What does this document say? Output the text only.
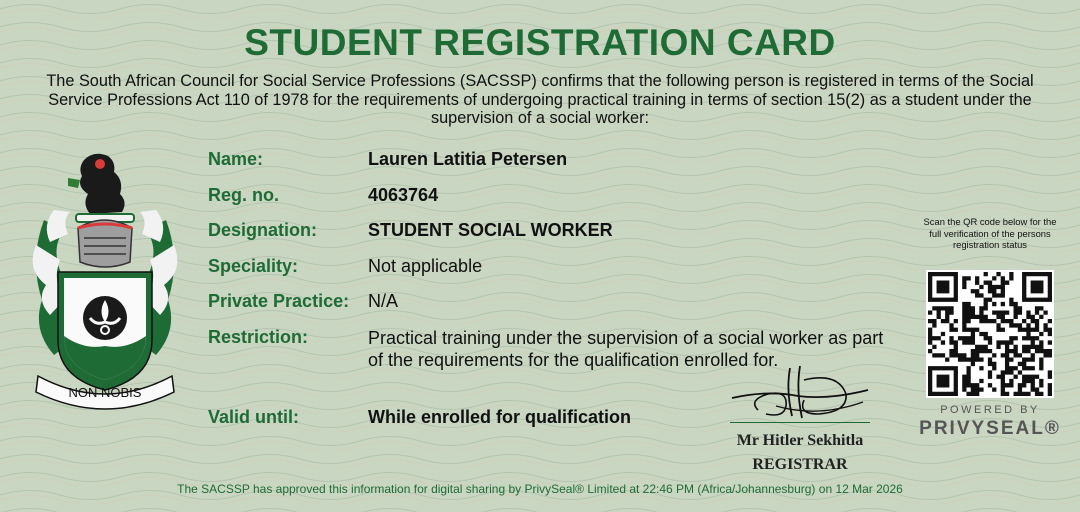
STUDENT REGISTRATION CARD
The South African Council for Social Service Professions (SACSSP) confirms that the following person is registered in terms of the Social Service Professions Act 110 of 1978 for the requirements of undergoing practical training in terms of section 15(2) as a student under the supervision of a social worker:
NON NOBIS
Name:	Lauren Latitia Petersen
Reg. no.	4063764
Designation:	STUDENT SOCIAL WORKER
Speciality:	Not applicable
Private Practice: N/A
Restriction:	Practical training under the supervision of a social worker as part of the requirements for the qualification enrolled for.
Valid until:	While enrolled for qualification
Mr Hitler Sekhitla
REGISTRAR
Scan the QR code below for the full verification of the persons registration status
POWERED BY
PRIVYSEAL®
The SACSSP has approved this information for digital sharing by PrivySeal® Limited at 22:46 PM (Africa/Johannesburg) on 12 Mar 2026
